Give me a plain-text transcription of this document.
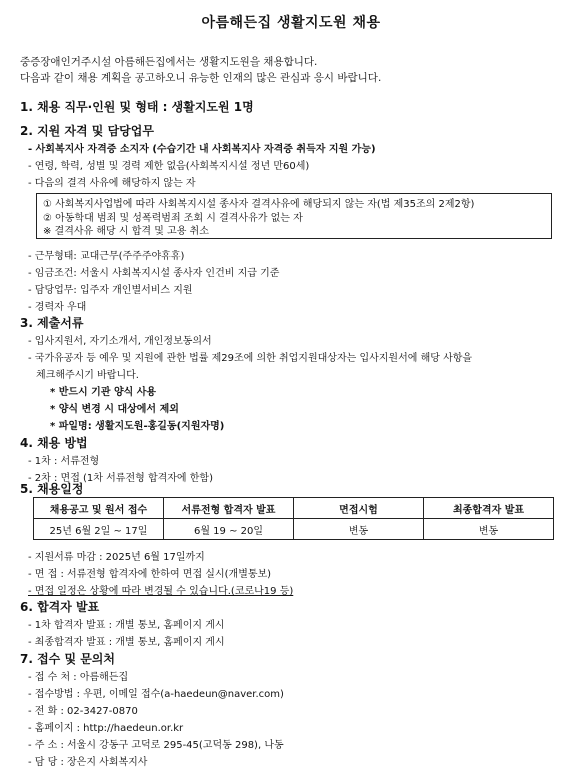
아름해든집 생활지도원 채용
중증장애인거주시설 아름해든집에서는 생활지도원을 채용합니다.
다음과 같이 채용 계획을 공고하오니 유능한 인재의 많은 관심과 응시 바랍니다.
1. 채용 직무·인원 및 형태 : 생활지도원 1명
2. 지원 자격 및 담당업무
- 사회복지사 자격증 소지자 (수습기간 내 사회복지사 자격증 취득자 지원 가능)
- 연령, 학력, 성별 및 경력 제한 없음(사회복지시설 정년 만60세)
- 다음의 결격 사유에 해당하지 않는 자
① 사회복지사업법에 따라 사회복지시설 종사자 결격사유에 해당되지 않는 자(법 제35조의 2제2항)
② 아동학대 범죄 및 성폭력범죄 조회 시 결격사유가 없는 자
※ 결격사유 해당 시 합격 및 고용 취소
- 근무형태: 교대근무(주주주야휴휴)
- 임금조건: 서울시 사회복지시설 종사자 인건비 지급 기준
- 담당업무: 입주자 개인별서비스 지원
- 경력자 우대
3. 제출서류
- 입사지원서, 자기소개서, 개인정보동의서
- 국가유공자 등 예우 및 지원에 관한 법률 제29조에 의한 취업지원대상자는 입사지원서에 해당 사항을
체크해주시기 바랍니다.
* 반드시 기관 양식 사용
* 양식 변경 시 대상에서 제외
* 파일명: 생활지도원-홍길동(지원자명)
4. 채용 방법
- 1차 : 서류전형
- 2차 : 면접 (1차 서류전형 합격자에 한함)
5. 채용일정
채용공고 및 원서 접수	서류전형 합격자 발표	면접시험	최종합격자 발표
25년 6월 2일 ~ 17일	6월 19 ~ 20일	변동	변동
- 지원서류 마감 : 2025년 6월 17일까지
- 면 접 : 서류전형 합격자에 한하여 면접 실시(개별통보)
- 면접 일정은 상황에 따라 변경될 수 있습니다.(코로나19 등)
6. 합격자 발표
- 1차 합격자 발표 : 개별 통보, 홈페이지 게시
- 최종합격자 발표 : 개별 통보, 홈페이지 게시
7. 접수 및 문의처
- 접 수 처 : 아름해든집
- 접수방법 : 우편, 이메일 접수(a-haedeun@naver.com)
- 전 화 : 02-3427-0870
- 홈페이지 : http://haedeun.or.kr
- 주 소 : 서울시 강동구 고덕로 295-45(고덕동 298), 나동
- 담 당 : 장은지 사회복지사
